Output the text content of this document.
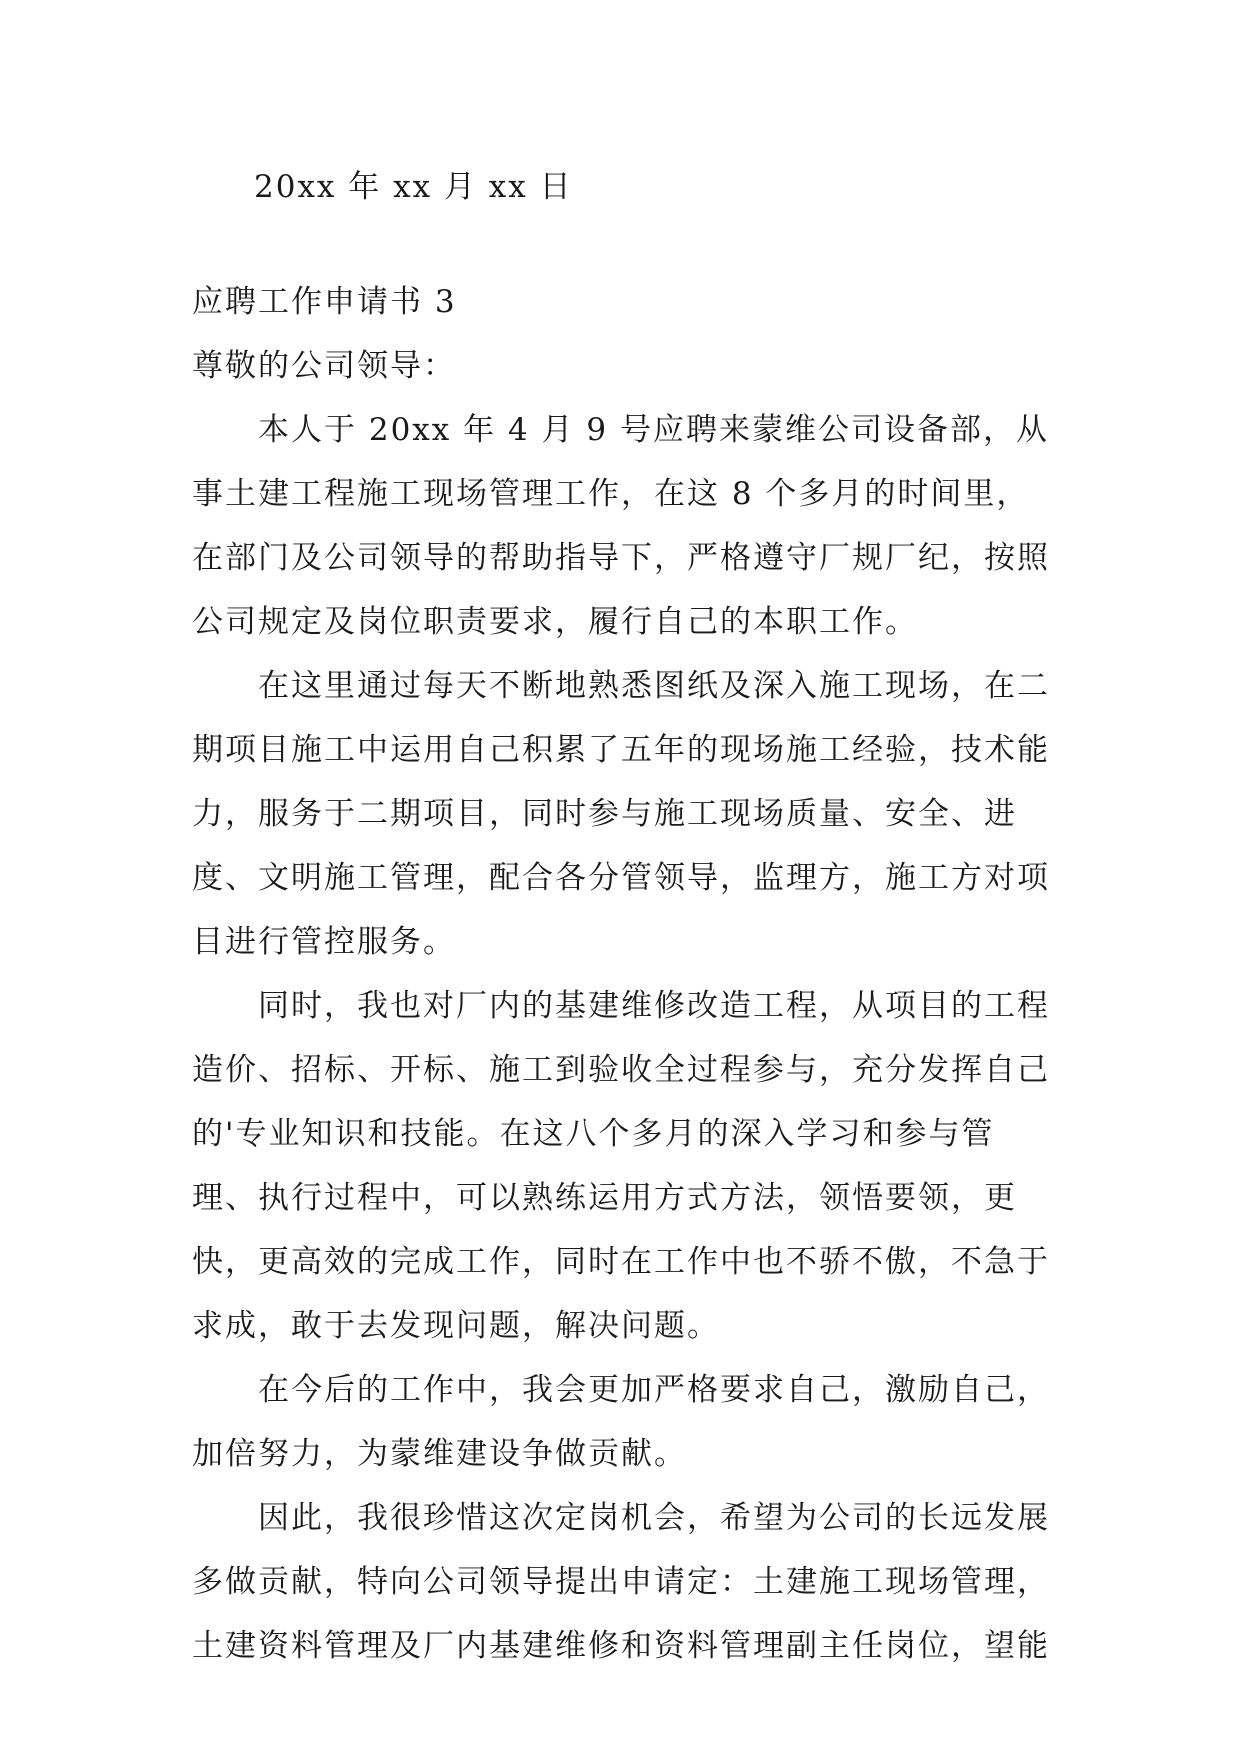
20xx 年 xx 月 xx 日
应聘工作申请书 3
尊敬的公司领导：

本人于 20xx 年 4 月 9 号应聘来蒙维公司设备部，从事土建工程施工现场管理工作，在这 8 个多月的时间里，在部门及公司领导的帮助指导下，严格遵守厂规厂纪，按照公司规定及岗位职责要求，履行自己的本职工作。

在这里通过每天不断地熟悉图纸及深入施工现场，在二期项目施工中运用自己积累了五年的现场施工经验，技术能力，服务于二期项目，同时参与施工现场质量、安全、进度、文明施工管理，配合各分管领导，监理方，施工方对项目进行管控服务。

同时，我也对厂内的基建维修改造工程，从项目的工程造价、招标、开标、施工到验收全过程参与，充分发挥自己的'专业知识和技能。在这八个多月的深入学习和参与管理、执行过程中，可以熟练运用方式方法，领悟要领，更快，更高效的完成工作，同时在工作中也不骄不傲，不急于求成，敢于去发现问题，解决问题。

在今后的工作中，我会更加严格要求自己，激励自己，加倍努力，为蒙维建设争做贡献。

因此，我很珍惜这次定岗机会，希望为公司的长远发展多做贡献，特向公司领导提出申请定：土建施工现场管理，土建资料管理及厂内基建维修和资料管理副主任岗位，望能
